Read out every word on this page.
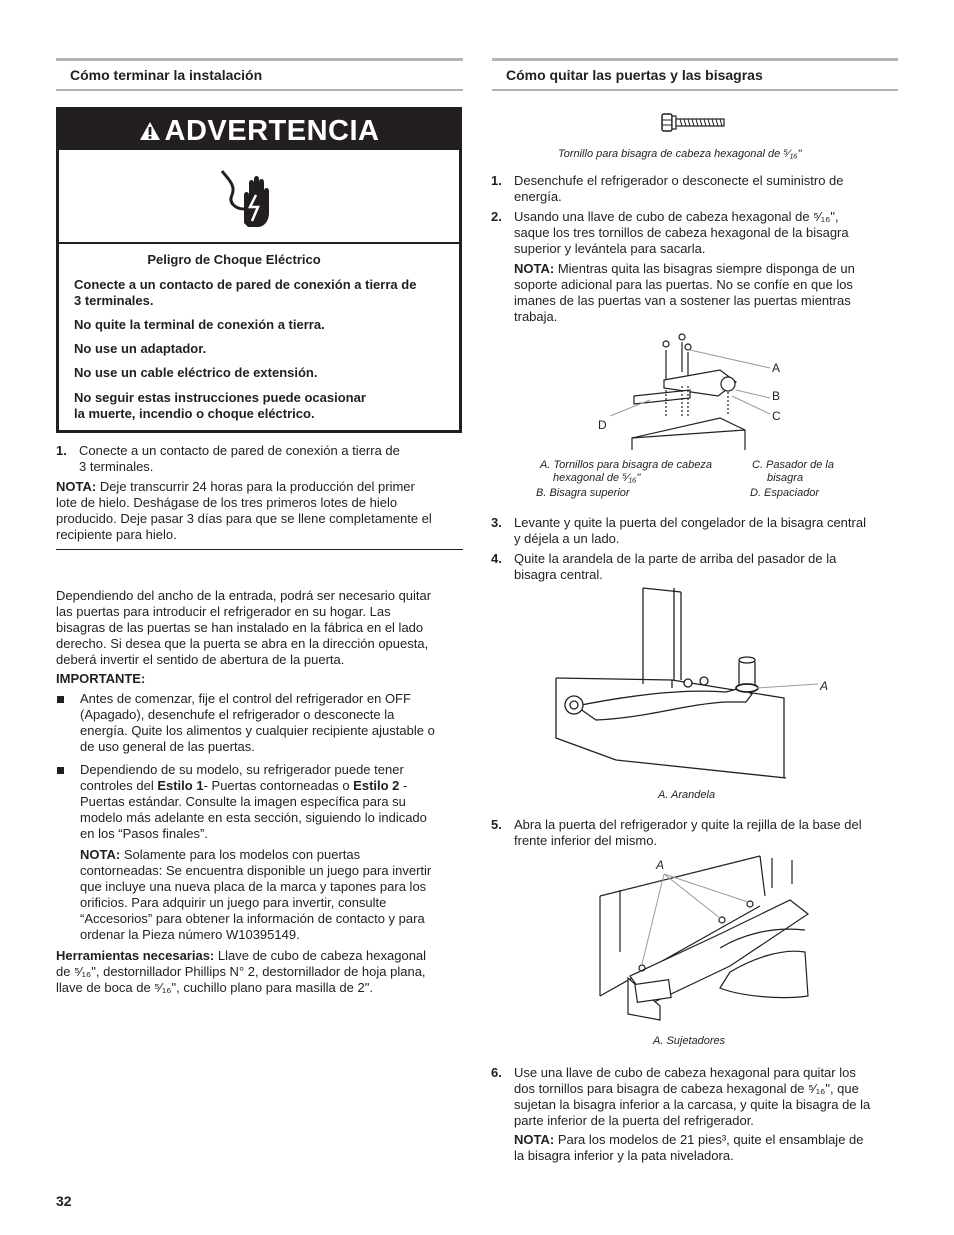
Cómo terminar la instalación
ADVERTENCIA
Peligro de Choque Eléctrico
Conecte a un contacto de pared de conexión a tierra de
3 terminales.
No quite la terminal de conexión a tierra.
No use un adaptador.
No use un cable eléctrico de extensión.
No seguir estas instrucciones puede ocasionar
la muerte, incendio o choque eléctrico.
1. Conecte a un contacto de pared de conexión a tierra de
3 terminales.
NOTA: Deje transcurrir 24 horas para la producción del primer
lote de hielo. Deshágase de los tres primeros lotes de hielo
producido. Deje pasar 3 días para que se llene completamente el
recipiente para hielo.
Dependiendo del ancho de la entrada, podrá ser necesario quitar
las puertas para introducir el refrigerador en su hogar. Las
bisagras de las puertas se han instalado en la fábrica en el lado
derecho. Si desea que la puerta se abra en la dirección opuesta,
deberá invertir el sentido de abertura de la puerta.
IMPORTANTE:
Antes de comenzar, fije el control del refrigerador en OFF
(Apagado), desenchufe el refrigerador o desconecte la
energía. Quite los alimentos y cualquier recipiente ajustable o
de uso general de las puertas.
Dependiendo de su modelo, su refrigerador puede tener
controles del Estilo 1- Puertas contorneadas o Estilo 2 -
Puertas estándar. Consulte la imagen específica para su
modelo más adelante en esta sección, siguiendo lo indicado
en los “Pasos finales”.
NOTA: Solamente para los modelos con puertas
contorneadas: Se encuentra disponible un juego para invertir
que incluye una nueva placa de la marca y tapones para los
orificios. Para adquirir un juego para invertir, consulte
“Accesorios” para obtener la información de contacto y para
ordenar la Pieza número W10395149.
Herramientas necesarias: Llave de cubo de cabeza hexagonal
de ⁵⁄₁₆", destornillador Phillips N° 2, destornillador de hoja plana,
llave de boca de ⁵⁄₁₆", cuchillo plano para masilla de 2".
32
Cómo quitar las puertas y las bisagras
Tornillo para bisagra de cabeza hexagonal de ⁵⁄₁₆"
1. Desenchufe el refrigerador o desconecte el suministro de
energía.
2. Usando una llave de cubo de cabeza hexagonal de ⁵⁄₁₆",
saque los tres tornillos de cabeza hexagonal de la bisagra
superior y levántela para sacarla.
NOTA: Mientras quita las bisagras siempre disponga de un
soporte adicional para las puertas. No se confíe en que los
imanes de las puertas van a sostener las puertas mientras
trabaja.
A
B
C
D
A. Tornillos para bisagra de cabeza
hexagonal de ⁵⁄₁₆"
B. Bisagra superior
C. Pasador de la
bisagra
D. Espaciador
3. Levante y quite la puerta del congelador de la bisagra central
y déjela a un lado.
4. Quite la arandela de la parte de arriba del pasador de la
bisagra central.
A
A. Arandela
5. Abra la puerta del refrigerador y quite la rejilla de la base del
frente inferior del mismo.
A
A. Sujetadores
6. Use una llave de cubo de cabeza hexagonal para quitar los
dos tornillos para bisagra de cabeza hexagonal de ⁵⁄₁₆", que
sujetan la bisagra inferior a la carcasa, y quite la bisagra de la
parte inferior de la puerta del refrigerador.
NOTA: Para los modelos de 21 pies³, quite el ensamblaje de
la bisagra inferior y la pata niveladora.
